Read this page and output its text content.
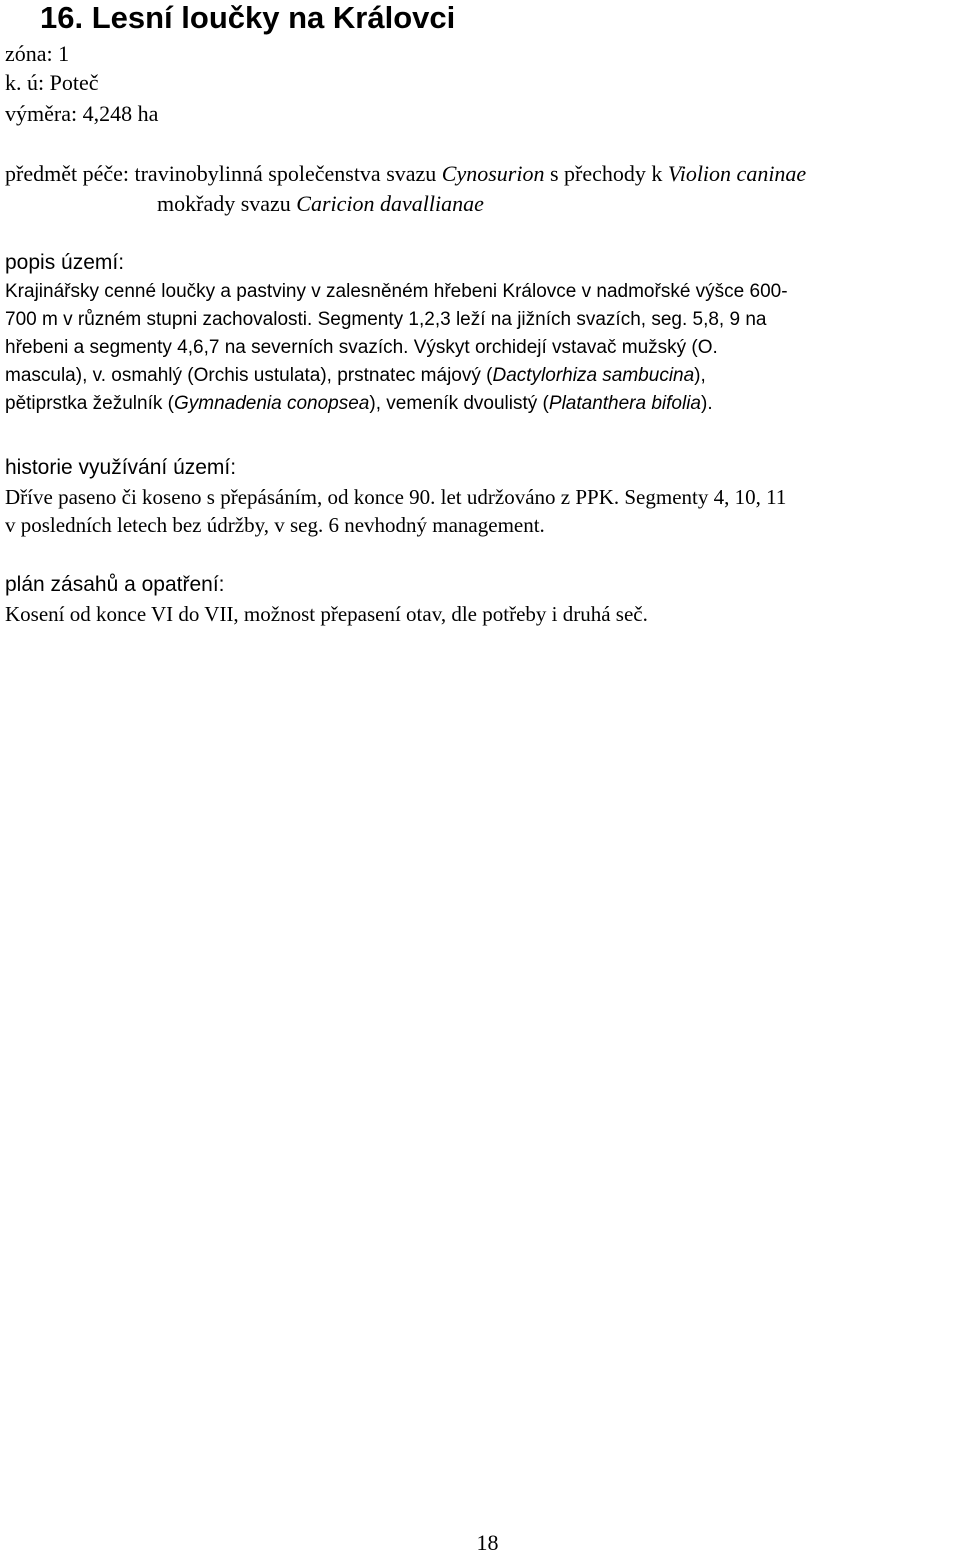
16. Lesní loučky na Královci
zóna: 1
k. ú: Poteč
výměra: 4,248 ha
předmět péče: travinobylinná společenstva svazu Cynosurion s přechody k Violion caninae
mokřady svazu Caricion davallianae
popis území:
Krajinářsky cenné loučky a pastviny v zalesněném hřebeni Královce v nadmořské výšce 600-
700 m v různém stupni zachovalosti. Segmenty 1,2,3 leží na jižních svazích, seg. 5,8, 9 na
hřebeni a segmenty 4,6,7 na severních svazích. Výskyt orchidejí vstavač mužský (O.
mascula), v. osmahlý (Orchis ustulata), prstnatec májový (Dactylorhiza sambucina),
pětiprstka žežulník (Gymnadenia conopsea), vemeník dvoulistý (Platanthera bifolia).
historie využívání území:
Dříve paseno či koseno s přepásáním, od konce 90. let udržováno z PPK. Segmenty 4, 10, 11
v posledních letech bez údržby, v seg. 6 nevhodný management.
plán zásahů a opatření:
Kosení od konce VI do VII, možnost přepasení otav, dle potřeby i druhá seč.
18
